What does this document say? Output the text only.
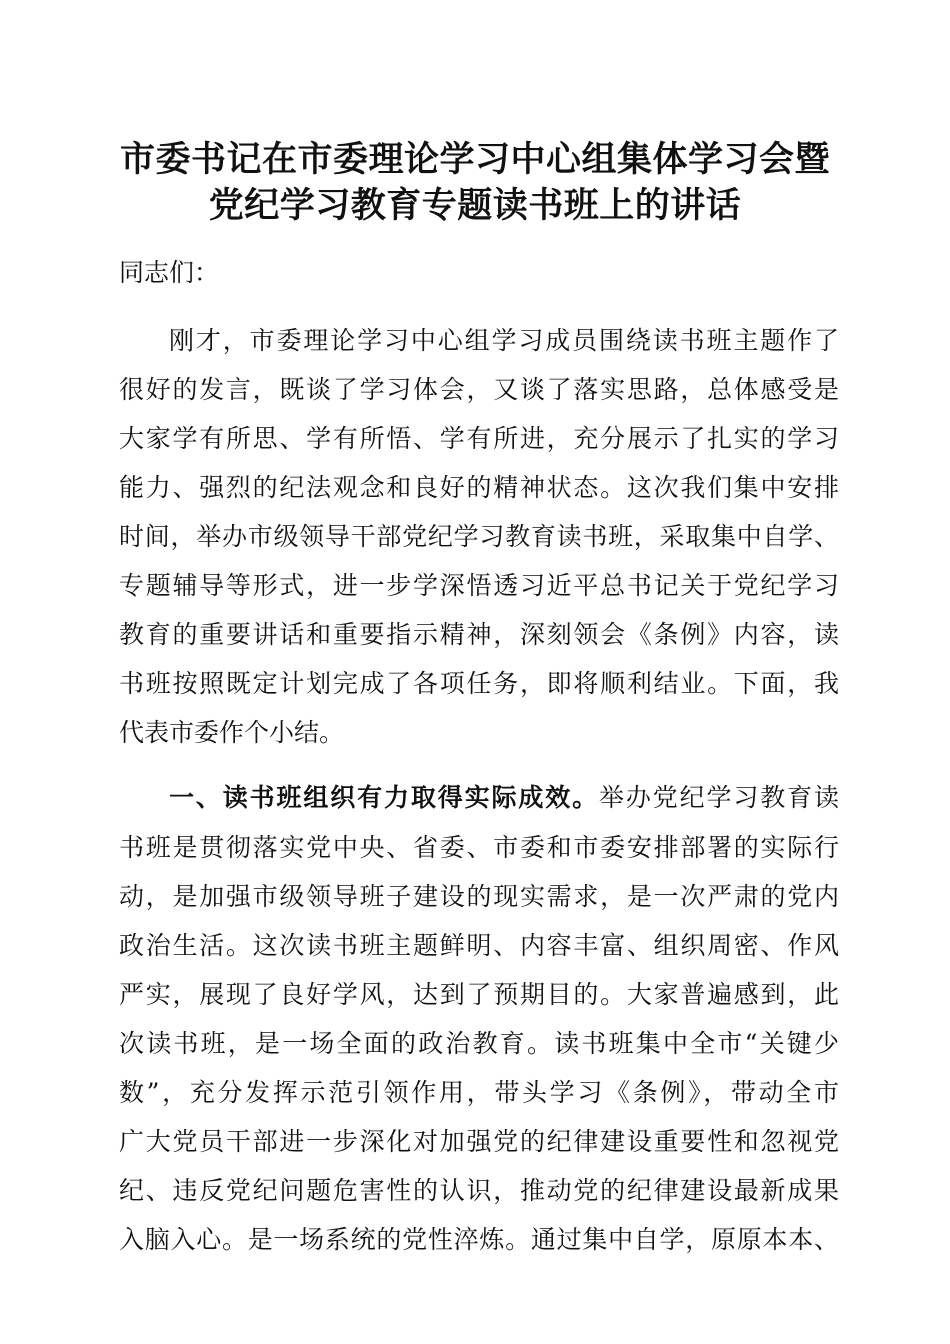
市委书记在市委理论学习中心组集体学习会暨
党纪学习教育专题读书班上的讲话

同志们：

刚才，市委理论学习中心组学习成员围绕读书班主题作了

很好的发言，既谈了学习体会，又谈了落实思路，总体感受是

大家学有所思、学有所悟、学有所进，充分展示了扎实的学习

能力、强烈的纪法观念和良好的精神状态。这次我们集中安排

时间，举办市级领导干部党纪学习教育读书班，采取集中自学、

专题辅导等形式，进一步学深悟透习近平总书记关于党纪学习

教育的重要讲话和重要指示精神，深刻领会《条例》内容，读

书班按照既定计划完成了各项任务，即将顺利结业。下面，我

代表市委作个小结。

一、读书班组织有力取得实际成效。举办党纪学习教育读

书班是贯彻落实党中央、省委、市委和市委安排部署的实际行

动，是加强市级领导班子建设的现实需求，是一次严肃的党内

政治生活。这次读书班主题鲜明、内容丰富、组织周密、作风

严实，展现了良好学风，达到了预期目的。大家普遍感到，此

次读书班，是一场全面的政治教育。读书班集中全市“关键少

数”，充分发挥示范引领作用，带头学习《条例》，带动全市

广大党员干部进一步深化对加强党的纪律建设重要性和忽视党

纪、违反党纪问题危害性的认识，推动党的纪律建设最新成果

入脑入心。是一场系统的党性淬炼。通过集中自学，原原本本、
